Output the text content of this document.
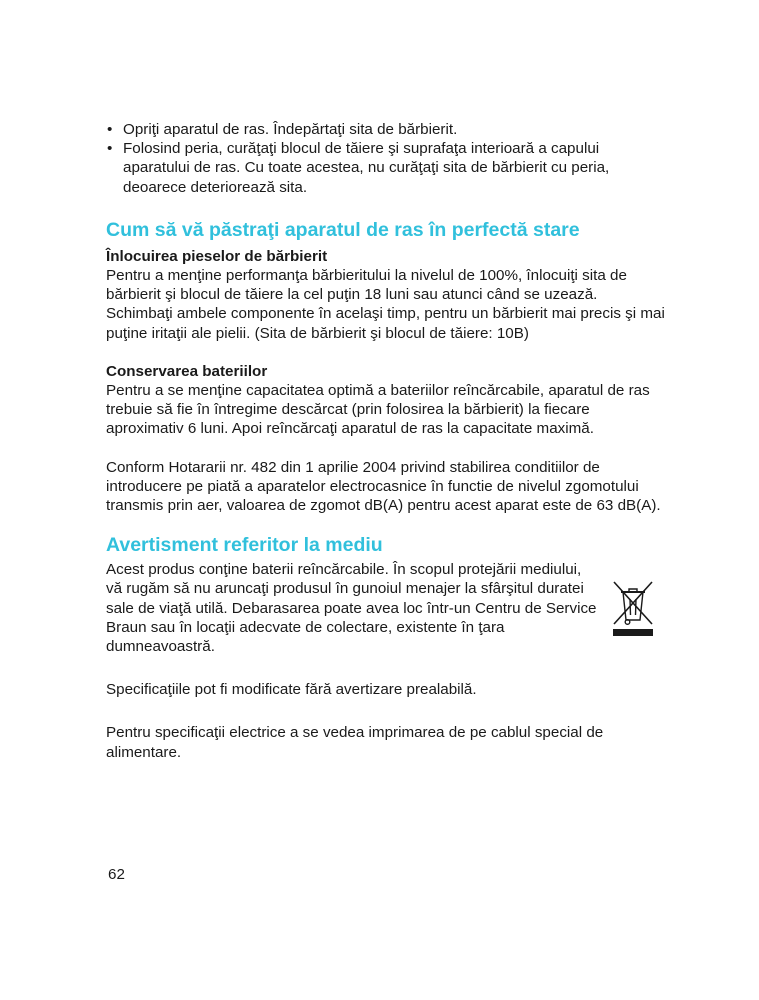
• Opriţi aparatul de ras. Îndepărtaţi sita de bărbierit.
• Folosind peria, curăţaţi blocul de tăiere şi suprafaţa interioară a capului aparatului de ras. Cu toate acestea, nu curăţaţi sita de bărbierit cu peria, deoarece deteriorează sita.
Cum să vă păstraţi aparatul de ras în perfectă stare
Înlocuirea pieselor de bărbierit

Pentru a menţine performanţa bărbieritului la nivelul de 100%, înlocuiţi sita de bărbierit şi blocul de tăiere la cel puţin 18 luni sau atunci când se uzează. Schimbaţi ambele componente în acelaşi timp, pentru un bărbierit mai precis şi mai puţine iritaţii ale pielii. (Sita de bărbierit şi blocul de tăiere: 10B)

Conservarea bateriilor

Pentru a se menţine capacitatea optimă a bateriilor reîncărcabile, aparatul de ras trebuie să fie în întregime descărcat (prin folosirea la bărbierit) la fiecare aproximativ 6 luni. Apoi reîncărcaţi aparatul de ras la capacitate maximă.

Conform Hotararii nr. 482 din 1 aprilie 2004 privind stabilirea conditiilor de introducere pe piată a aparatelor electrocasnice în functie de nivelul zgomotului transmis prin aer, valoarea de zgomot dB(A) pentru acest aparat este de 63 dB(A).

Avertisment referitor la mediu

Acest produs conţine baterii reîncărcabile. În scopul protejării mediului, vă rugăm să nu aruncaţi produsul în gunoiul menajer la sfârşitul duratei sale de viaţă utilă. Debarasarea poate avea loc într-un Centru de Service Braun sau în locaţii adecvate de colectare, existente în ţara dumneavoastră.

Specificaţiile pot fi modificate fără avertizare prealabilă.

Pentru specificaţii electrice a se vedea imprimarea de pe cablul special de alimentare.

62
